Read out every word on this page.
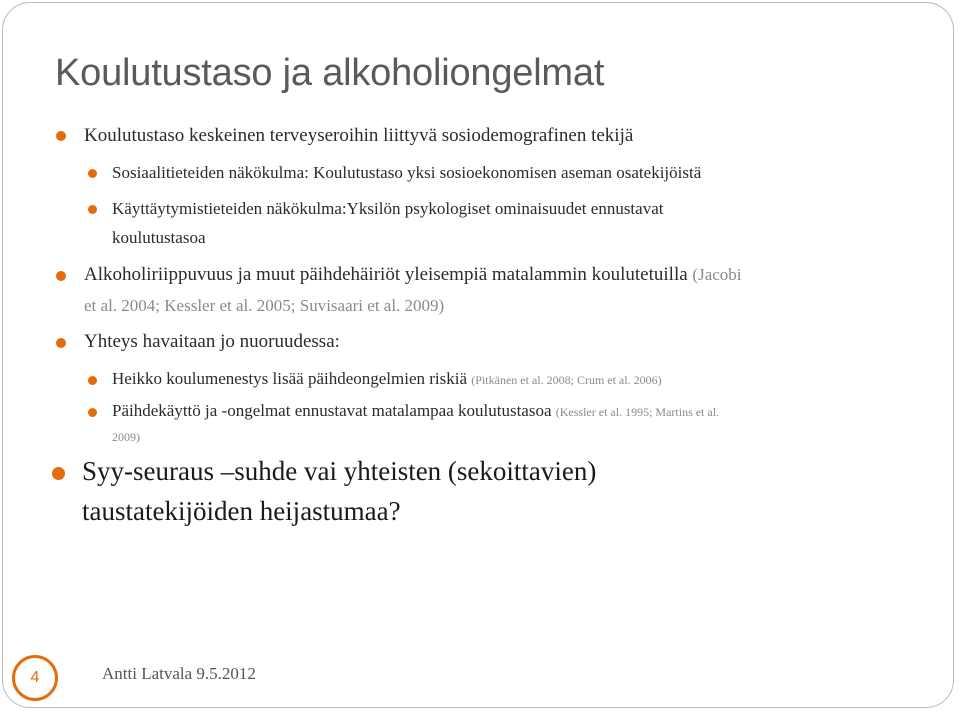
Koulutustaso ja alkoholiongelmat
Koulutustaso keskeinen terveyseroihin liittyvä sosiodemografinen tekijä
Sosiaalitieteiden näkökulma: Koulutustaso yksi sosioekonomisen aseman osatekijöistä
Käyttäytymistieteiden näkökulma:Yksilön psykologiset ominaisuudet ennustavat
koulutustasoa
Alkoholiriippuvuus ja muut päihdehäiriöt yleisempiä matalammin koulutetuilla (Jacobi
et al. 2004; Kessler et al. 2005; Suvisaari et al. 2009)
Yhteys havaitaan jo nuoruudessa:
Heikko koulumenestys lisää päihdeongelmien riskiä (Pitkänen et al. 2008; Crum et al. 2006)
Päihdekäyttö ja -ongelmat ennustavat matalampaa koulutustasoa (Kessler et al. 1995; Martins et al.
2009)
Syy-seuraus –suhde vai yhteisten (sekoittavien)
taustatekijöiden heijastumaa?
4	Antti Latvala 9.5.2012
